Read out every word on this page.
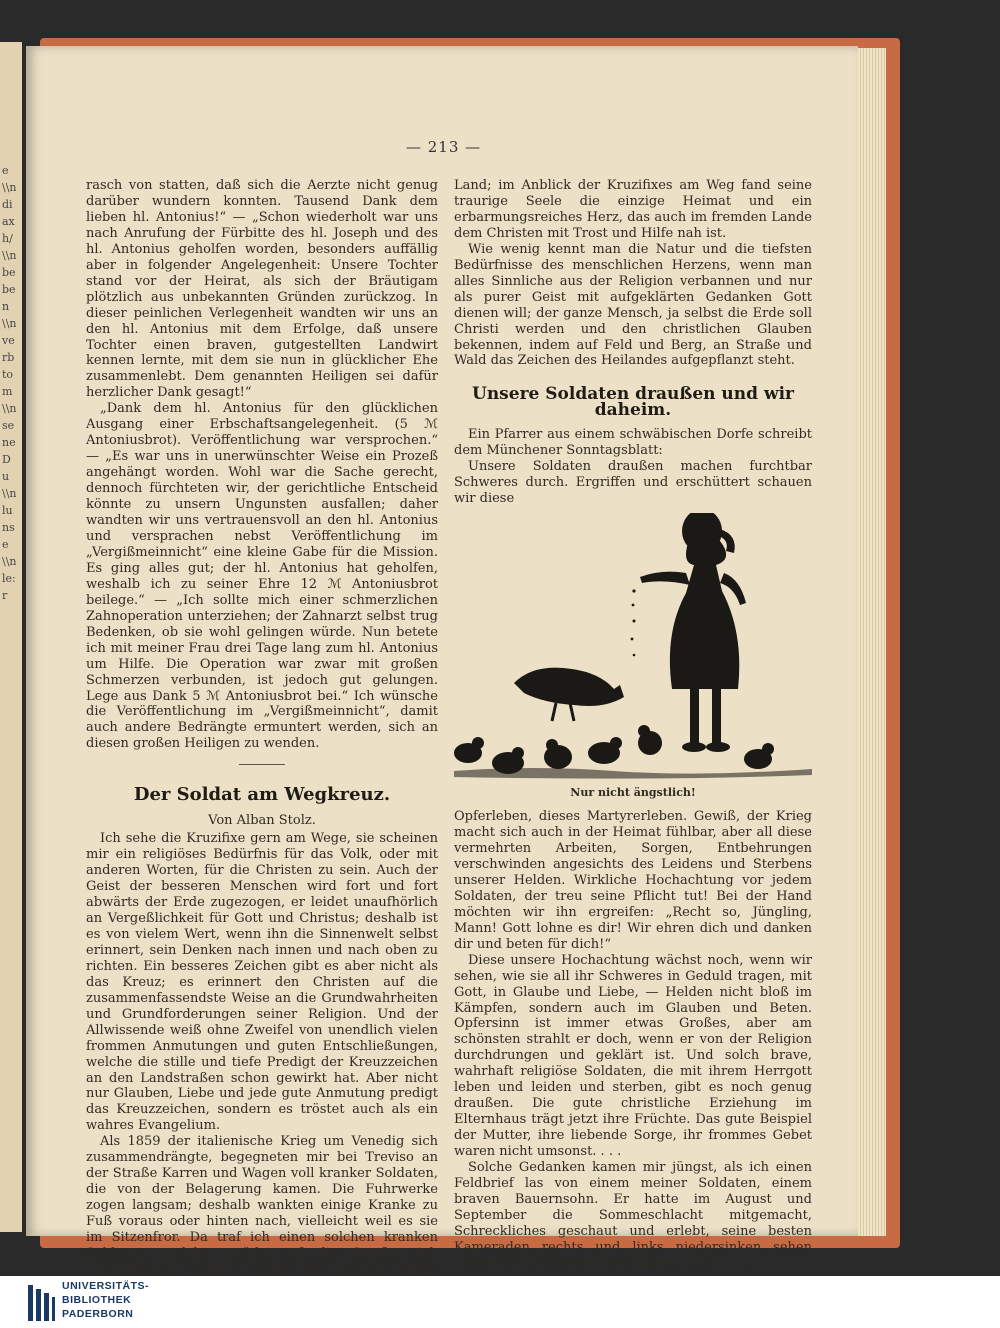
e\\ndiaxh/\\nbeben\\nverbtom\\nseneDu\\nlunse\\nle: r
— 213 —

rasch von statten, daß sich die Aerzte nicht genug darüber wundern konnten. Tausend Dank dem lieben hl. Antonius!“ — „Schon wiederholt war uns nach Anrufung der Fürbitte des hl. Joseph und des hl. Antonius geholfen worden, besonders auffällig aber in folgender Angelegenheit: Unsere Tochter stand vor der Heirat, als sich der Bräutigam plötzlich aus unbekannten Gründen zurückzog. In dieser peinlichen Verlegenheit wandten wir uns an den hl. Antonius mit dem Erfolge, daß unsere Tochter einen braven, gutgestellten Landwirt kennen lernte, mit dem sie nun in glücklicher Ehe zusammenlebt. Dem genannten Heiligen sei dafür herzlicher Dank gesagt!“

„Dank dem hl. Antonius für den glücklichen Ausgang einer Erbschaftsangelegenheit. (5 ℳ Antoniusbrot). Veröffentlichung war versprochen.“ — „Es war uns in unerwünschter Weise ein Prozeß angehängt worden. Wohl war die Sache gerecht, dennoch fürchteten wir, der gerichtliche Entscheid könnte zu unsern Ungunsten ausfallen; daher wandten wir uns vertrauensvoll an den hl. Antonius und versprachen nebst Veröffentlichung im „Vergißmeinnicht“ eine kleine Gabe für die Mission. Es ging alles gut; der hl. Antonius hat geholfen, weshalb ich zu seiner Ehre 12 ℳ Antoniusbrot beilege.“ — „Ich sollte mich einer schmerzlichen Zahnoperation unterziehen; der Zahnarzt selbst trug Bedenken, ob sie wohl gelingen würde. Nun betete ich mit meiner Frau drei Tage lang zum hl. Antonius um Hilfe. Die Operation war zwar mit großen Schmerzen verbunden, ist jedoch gut gelungen. Lege aus Dank 5 ℳ Antoniusbrot bei.“ Ich wünsche die Veröffentlichung im „Vergißmeinnicht“, damit auch andere Bedrängte ermuntert werden, sich an diesen großen Heiligen zu wenden.

Der Soldat am Wegkreuz.
Von Alban Stolz.

Ich sehe die Kruzifixe gern am Wege, sie scheinen mir ein religiöses Bedürfnis für das Volk, oder mit anderen Worten, für die Christen zu sein. Auch der Geist der besseren Menschen wird fort und fort abwärts der Erde zugezogen, er leidet unaufhörlich an Vergeßlichkeit für Gott und Christus; deshalb ist es von vielem Wert, wenn ihn die Sinnenwelt selbst erinnert, sein Denken nach innen und nach oben zu richten. Ein besseres Zeichen gibt es aber nicht als das Kreuz; es erinnert den Christen auf die zusammenfassendste Weise an die Grundwahrheiten und Grundforderungen seiner Religion. Und der Allwissende weiß ohne Zweifel von unendlich vielen frommen Anmutungen und guten Entschließungen, welche die stille und tiefe Predigt der Kreuzzeichen an den Landstraßen schon gewirkt hat. Aber nicht nur Glauben, Liebe und jede gute Anmutung predigt das Kreuzzeichen, sondern es tröstet auch als ein wahres Evangelium.

Als 1859 der italienische Krieg um Venedig sich zusammendrängte, begegneten mir bei Treviso an der Straße Karren und Wagen voll kranker Soldaten, die von der Belagerung kamen. Die Fuhrwerke zogen langsam; deshalb wankten einige Kranke zu Fuß voraus oder hinten nach, vielleicht weil es sie im Sitzenfror. Da traf ich einen solchen kranken Soldaten, welcher müde auf die Straße sich niedergesetzt hatte; er hatte das Gesicht einem

Land; im Anblick der Kruzifixes am Weg fand seine traurige Seele die einzige Heimat und ein erbarmungsreiches Herz, das auch im fremden Lande dem Christen mit Trost und Hilfe nah ist.

Wie wenig kennt man die Natur und die tiefsten Bedürfnisse des menschlichen Herzens, wenn man alles Sinnliche aus der Religion verbannen und nur als purer Geist mit aufgeklärten Gedanken Gott dienen will; der ganze Mensch, ja selbst die Erde soll Christi werden und den christlichen Glauben bekennen, indem auf Feld und Berg, an Straße und Wald das Zeichen des Heilandes aufgepflanzt steht.

Unsere Soldaten draußen und wir daheim.

Ein Pfarrer aus einem schwäbischen Dorfe schreibt dem Münchener Sonntagsblatt:

Unsere Soldaten draußen machen furchtbar Schweres durch. Ergriffen und erschüttert schauen wir diese

Nur nicht ängstlich!

Opferleben, dieses Martyrerleben. Gewiß, der Krieg macht sich auch in der Heimat fühlbar, aber all diese vermehrten Arbeiten, Sorgen, Entbehrungen verschwinden angesichts des Leidens und Sterbens unserer Helden. Wirkliche Hochachtung vor jedem Soldaten, der treu seine Pflicht tut! Bei der Hand möchten wir ihn ergreifen: „Recht so, Jüngling, Mann! Gott lohne es dir! Wir ehren dich und danken dir und beten für dich!“

Diese unsere Hochachtung wächst noch, wenn wir sehen, wie sie all ihr Schweres in Geduld tragen, mit Gott, in Glaube und Liebe, — Helden nicht bloß im Kämpfen, sondern auch im Glauben und Beten. Opfersinn ist immer etwas Großes, aber am schönsten strahlt er doch, wenn er von der Religion durchdrungen und geklärt ist. Und solch brave, wahrhaft religiöse Soldaten, die mit ihrem Herrgott leben und leiden und sterben, gibt es noch genug draußen. Die gute christliche Erziehung im Elternhaus trägt jetzt ihre Früchte. Das gute Beispiel der Mutter, ihre liebende Sorge, ihr frommes Gebet waren nicht umsonst. . . .

Solche Gedanken kamen mir jüngst, als ich einen Feldbrief las von einem meiner Soldaten, einem braven Bauernsohn. Er hatte im August und September die Sommeschlacht mitgemacht, Schreckliches geschaut und erlebt, seine besten Kameraden rechts und links niedersinken sehen neben zerschossenen Geschützen. „Gott nur

UNIVERSITÄTS-
BIBLIOTHEK
PADERBORN
